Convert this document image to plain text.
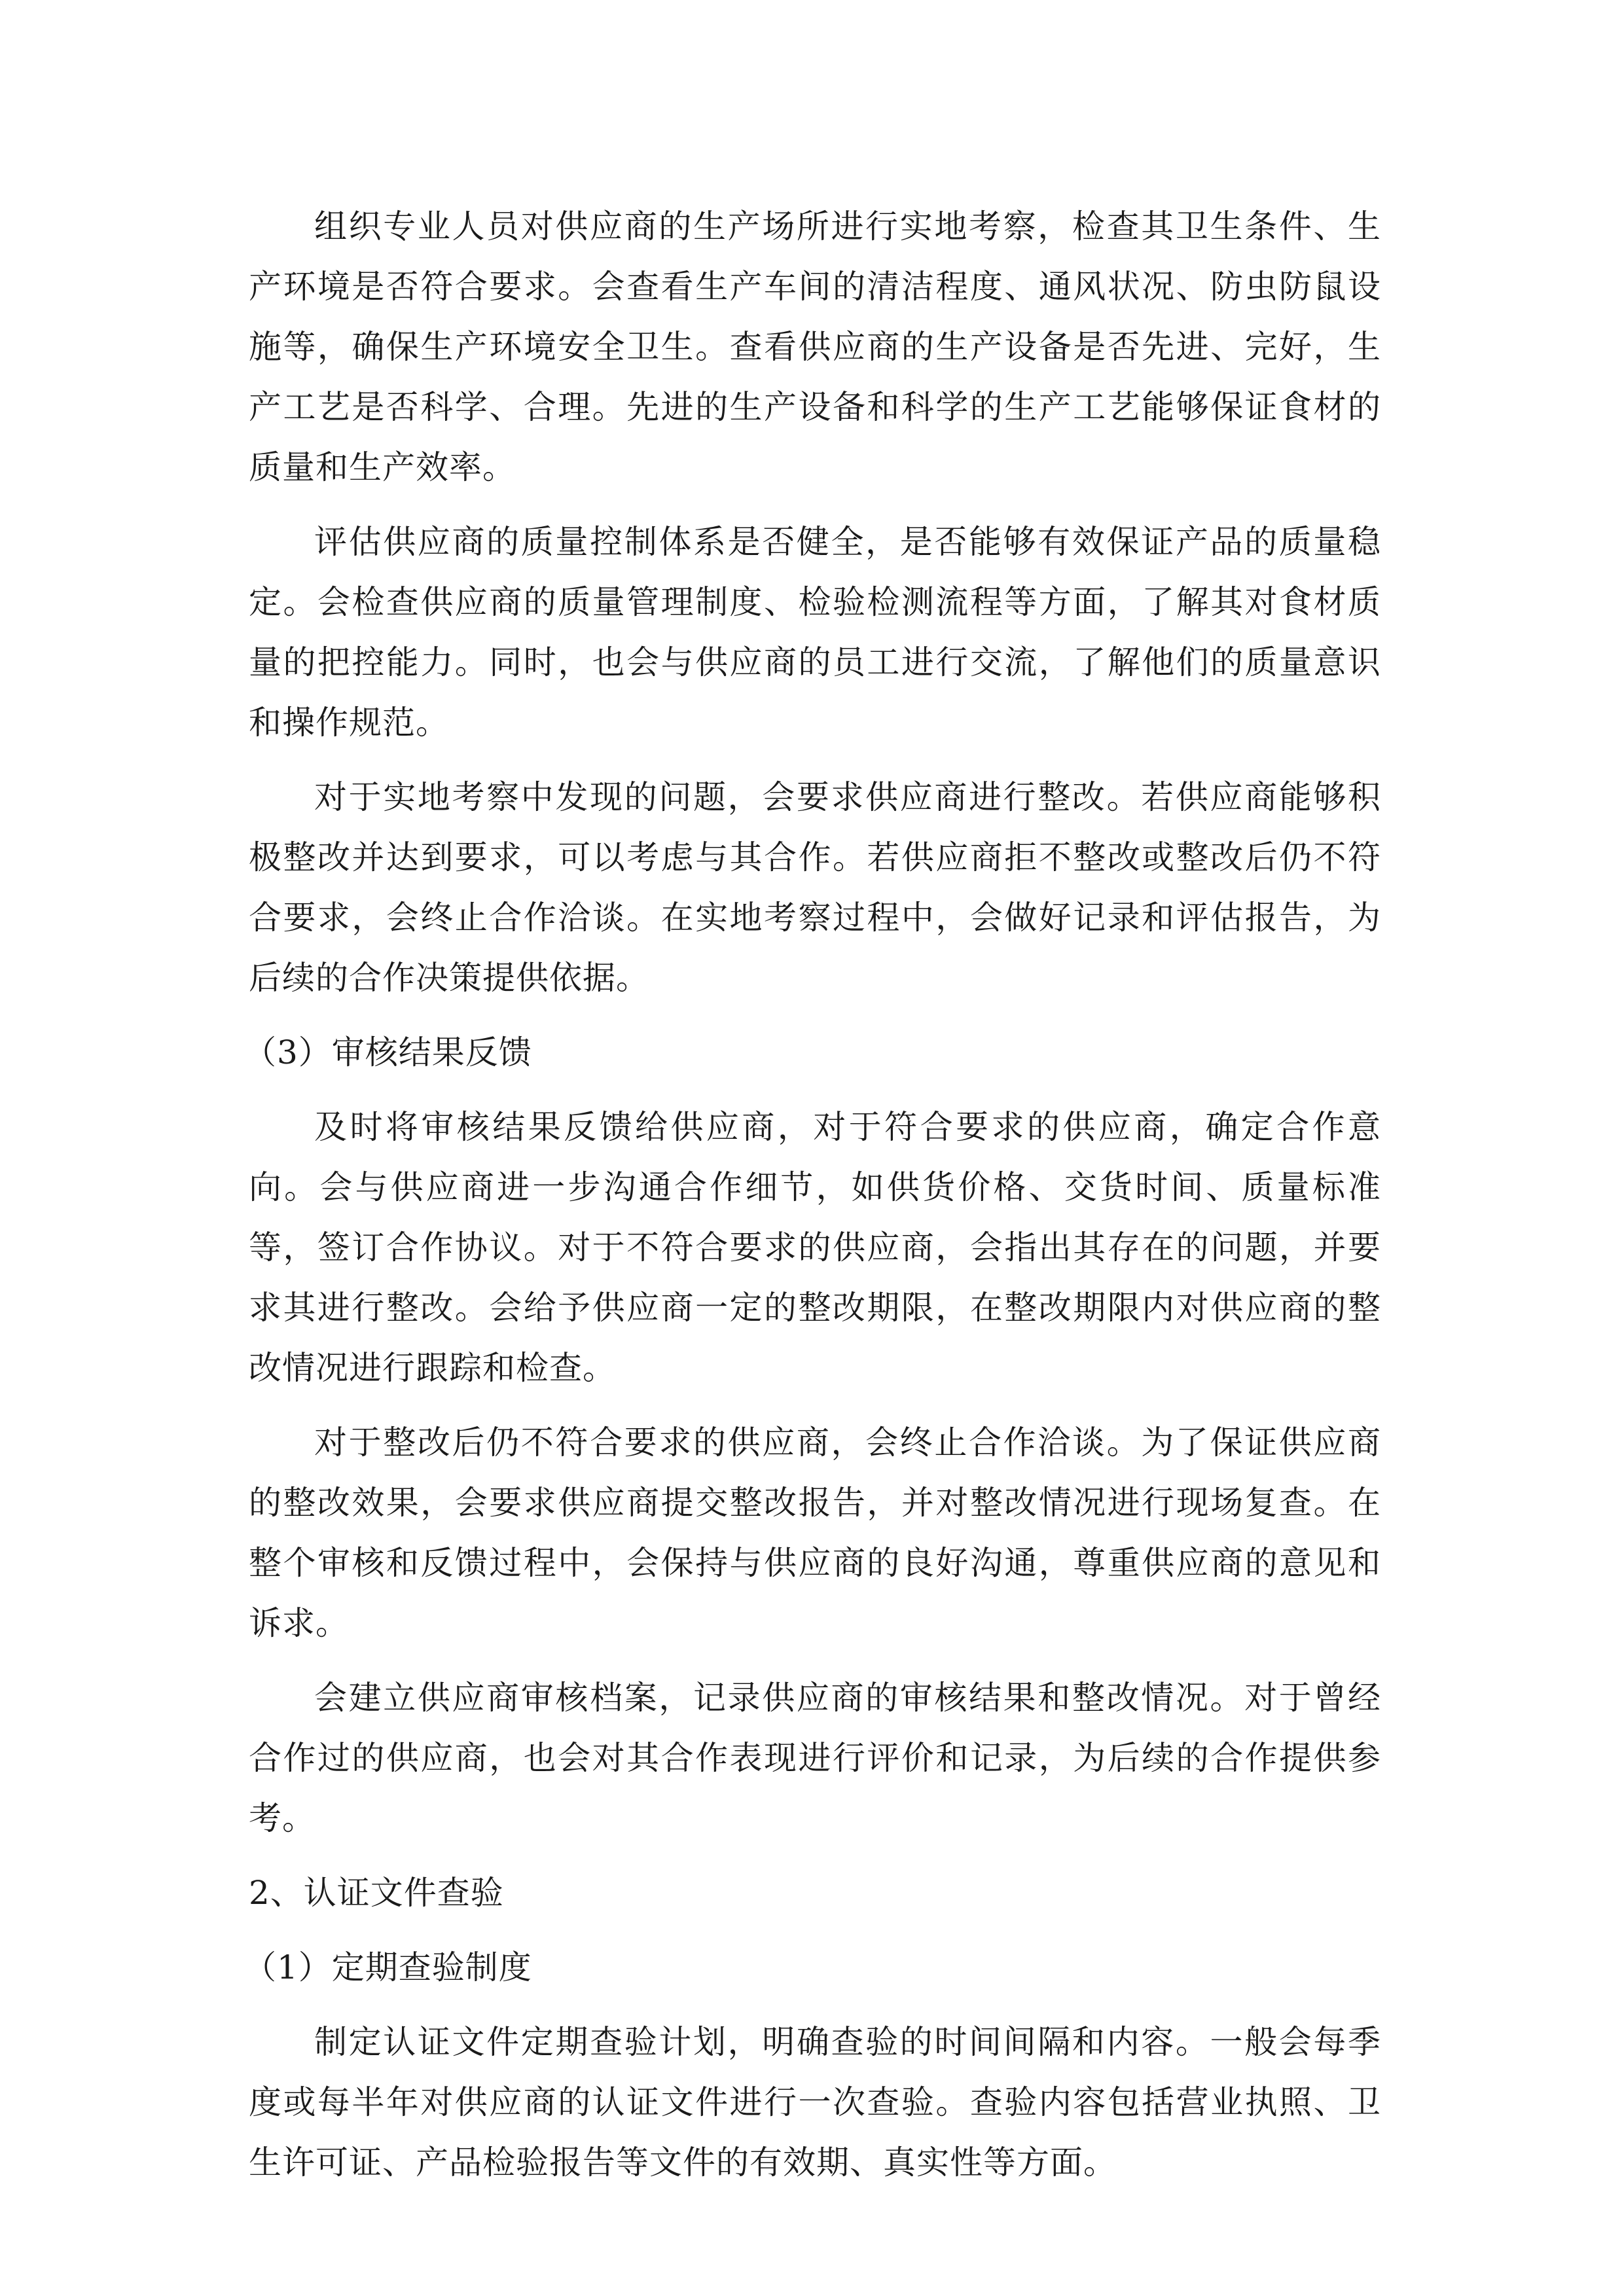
组织专业人员对供应商的生产场所进行实地考察，检查其卫生条件、生产环境是否符合要求。会查看生产车间的清洁程度、通风状况、防虫防鼠设施等，确保生产环境安全卫生。查看供应商的生产设备是否先进、完好，生产工艺是否科学、合理。先进的生产设备和科学的生产工艺能够保证食材的质量和生产效率。

评估供应商的质量控制体系是否健全，是否能够有效保证产品的质量稳定。会检查供应商的质量管理制度、检验检测流程等方面，了解其对食材质量的把控能力。同时，也会与供应商的员工进行交流，了解他们的质量意识和操作规范。

对于实地考察中发现的问题，会要求供应商进行整改。若供应商能够积极整改并达到要求，可以考虑与其合作。若供应商拒不整改或整改后仍不符合要求，会终止合作洽谈。在实地考察过程中，会做好记录和评估报告，为后续的合作决策提供依据。

（3）审核结果反馈

及时将审核结果反馈给供应商，对于符合要求的供应商，确定合作意向。会与供应商进一步沟通合作细节，如供货价格、交货时间、质量标准等，签订合作协议。对于不符合要求的供应商，会指出其存在的问题，并要求其进行整改。会给予供应商一定的整改期限，在整改期限内对供应商的整改情况进行跟踪和检查。

对于整改后仍不符合要求的供应商，会终止合作洽谈。为了保证供应商的整改效果，会要求供应商提交整改报告，并对整改情况进行现场复查。在整个审核和反馈过程中，会保持与供应商的良好沟通，尊重供应商的意见和诉求。

会建立供应商审核档案，记录供应商的审核结果和整改情况。对于曾经合作过的供应商，也会对其合作表现进行评价和记录，为后续的合作提供参考。

2、认证文件查验

（1）定期查验制度

制定认证文件定期查验计划，明确查验的时间间隔和内容。一般会每季度或每半年对供应商的认证文件进行一次查验。查验内容包括营业执照、卫生许可证、产品检验报告等文件的有效期、真实性等方面。
